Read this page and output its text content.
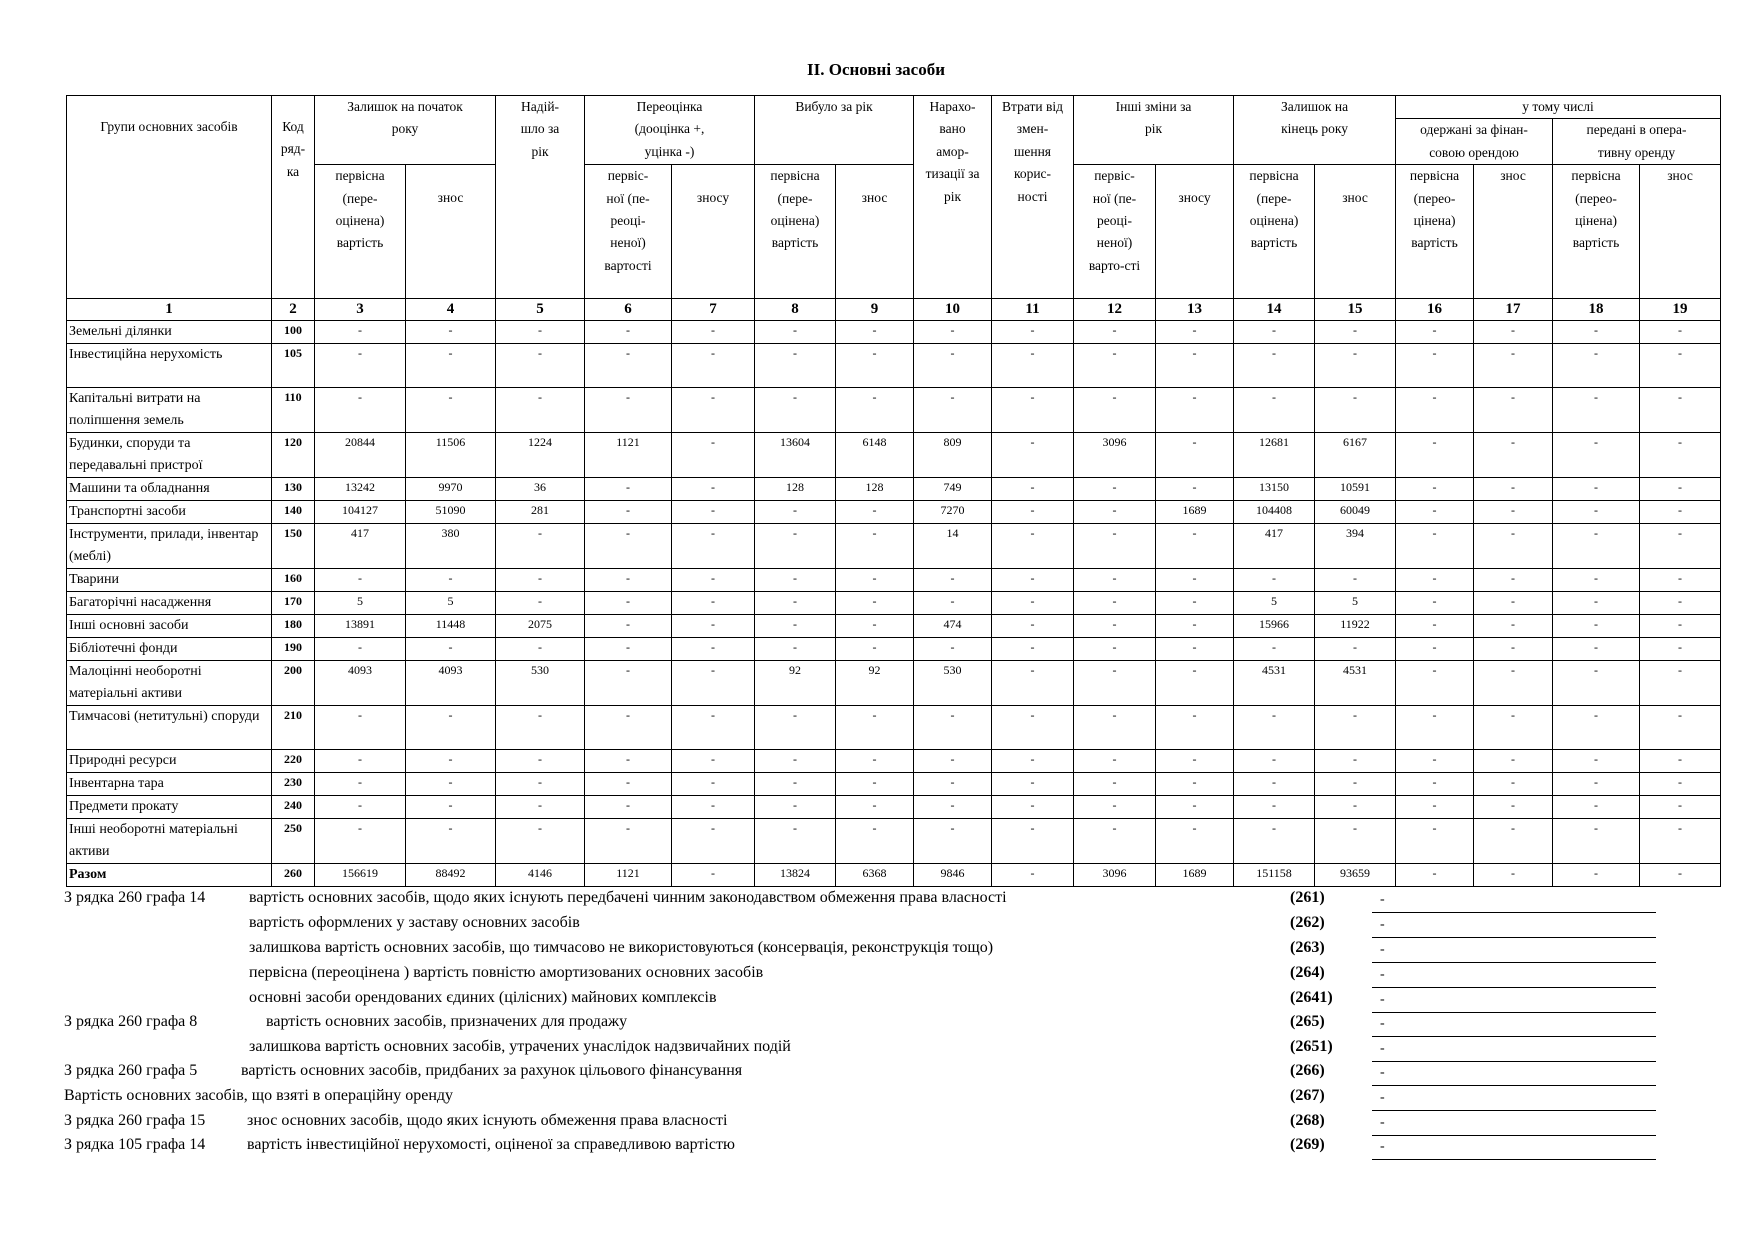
ІІ. Основні засоби
Групи основних засобів	Код ряд-ка	Залишок на початок року		Надій-шло за рік	Переоцінка (дооцінка +, уцінка -)		Вибуло за рік		Нарахо-вано амор-тизації за рік	Втрати від змен-шення корис-ності	Інші зміни за рік		Залишок на кінець року		у тому числі			
															одержані за фінан-совою орендою		передані в опера-тивну оренду	
		первісна (пере-оцінена) вартість	знос		первіс-ної (пе-реоці-неної) вартості	зносу	первісна (пере-оцінена) вартість	знос			первіс-ної (пе-реоці-неної) варто-сті	зносу	первісна (пере-оцінена) вартість	знос	первісна (перео-цінена) вартість	знос	первісна (перео-цінена) вартість	знос
1	2	3	4	5	6	7	8	9	10	11	12	13	14	15	16	17	18	19
Земельні ділянки	100	-	-	-	-	-	-	-	-	-	-	-	-	-	-	-	-	-
Інвестиційна нерухомість	105	-	-	-	-	-	-	-	-	-	-	-	-	-	-	-	-	-
Капітальні витрати на поліпшення земель	110	-	-	-	-	-	-	-	-	-	-	-	-	-	-	-	-	-
Будинки, споруди та передавальні пристрої	120	20844	11506	1224	1121	-	13604	6148	809	-	3096	-	12681	6167	-	-	-	-
Машини та обладнання	130	13242	9970	36	-	-	128	128	749	-	-	-	13150	10591	-	-	-	-
Транспортні засоби	140	104127	51090	281	-	-	-	-	7270	-	-	1689	104408	60049	-	-	-	-
Інструменти, прилади, інвентар (меблі)	150	417	380	-	-	-	-	-	14	-	-	-	417	394	-	-	-	-
Тварини	160	-	-	-	-	-	-	-	-	-	-	-	-	-	-	-	-	-
Багаторічні насадження	170	5	5	-	-	-	-	-	-	-	-	-	5	5	-	-	-	-
Інші основні засоби	180	13891	11448	2075	-	-	-	-	474	-	-	-	15966	11922	-	-	-	-
Бібліотечні фонди	190	-	-	-	-	-	-	-	-	-	-	-	-	-	-	-	-	-
Малоцінні необоротні матеріальні активи	200	4093	4093	530	-	-	92	92	530	-	-	-	4531	4531	-	-	-	-
Тимчасові (нетитульні) споруди	210	-	-	-	-	-	-	-	-	-	-	-	-	-	-	-	-	-
Природні ресурси	220	-	-	-	-	-	-	-	-	-	-	-	-	-	-	-	-	-
Інвентарна тара	230	-	-	-	-	-	-	-	-	-	-	-	-	-	-	-	-	-
Предмети прокату	240	-	-	-	-	-	-	-	-	-	-	-	-	-	-	-	-	-
Інші необоротні матеріальні активи	250	-	-	-	-	-	-	-	-	-	-	-	-	-	-	-	-	-
Разом	260	156619	88492	4146	1121	-	13824	6368	9846	-	3096	1689	151158	93659	-	-	-	-
З рядка 260 графа 14	вартість основних засобів, щодо яких існують передбачені чинним законодавством обмеження права власності	(261)	-
вартість оформлених у заставу основних засобів	(262)	-
залишкова вартість основних засобів, що тимчасово не використовуються (консервація, реконструкція тощо)	(263)	-
первісна (переоцінена ) вартість повністю амортизованих основних засобів	(264)	-
основні засоби орендованих єдиних (цілісних) майнових комплексів	(2641)	-
З рядка 260 графа 8	вартість основних засобів, призначених для продажу	(265)	-
залишкова вартість основних засобів, утрачених унаслідок надзвичайних подій	(2651)	-
З рядка 260 графа 5	вартість основних засобів, придбаних за рахунок цільового фінансування	(266)	-
Вартість основних засобів, що взяті в операційну оренду	(267)	-
З рядка 260 графа 15	знос основних засобів, щодо яких існують обмеження права власності	(268)	-
З рядка 105 графа 14	вартість інвестиційної нерухомості, оціненої за справедливою вартістю	(269)	-
